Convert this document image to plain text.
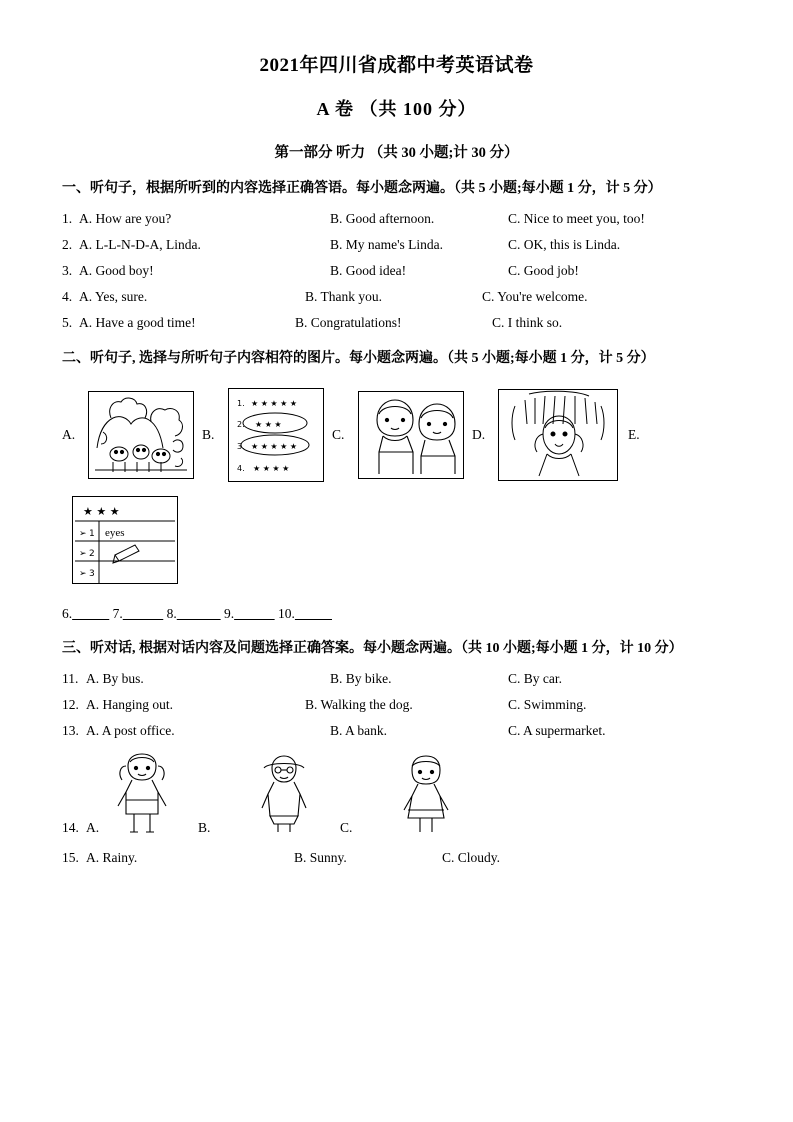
2021年四川省成都中考英语试卷
A 卷 （共 100 分）
第一部分 听力 （共 30 小题;计 30 分）
一、听句子，根据所听到的内容选择正确答语。每小题念两遍。（共 5 小题;每小题 1 分，计 5 分）
1. A. How are you?	B. Good afternoon.	C. Nice to meet you, too!
2. A. L-L-N-D-A, Linda.	B. My name's Linda.	C. OK, this is Linda.
3. A. Good boy!	B. Good idea!	C. Good job!
4. A. Yes, sure.	B. Thank you.	C. You're welcome.
5. A. Have a good time!	B. Congratulations!	C. I think so.
二、听句子, 选择与所听句子内容相符的图片。每小题念两遍。（共 5 小题;每小题 1 分，计 5 分）
A.	B.
1. ★ ★ ★ ★ ★
2. ★ ★ ★
3. ★ ★ ★ ★ ★
4. ★ ★ ★ ★
C.	D.	E.
★ ★ ★
➢
➢
➢
1
2
3
eyes
6.	7.	8.	9.	10.
三、听对话, 根据对话内容及问题选择正确答案。每小题念两遍。（共 10 小题;每小题 1 分，计 10 分）
11. A. By bus.	B. By bike.	C. By car.
12. A. Hanging out.	B. Walking the dog.	C. Swimming.
13. A. A post office.	B. A bank.	C. A supermarket.
14. A.	B.	C.
15. A. Rainy.	B. Sunny.	C. Cloudy.
